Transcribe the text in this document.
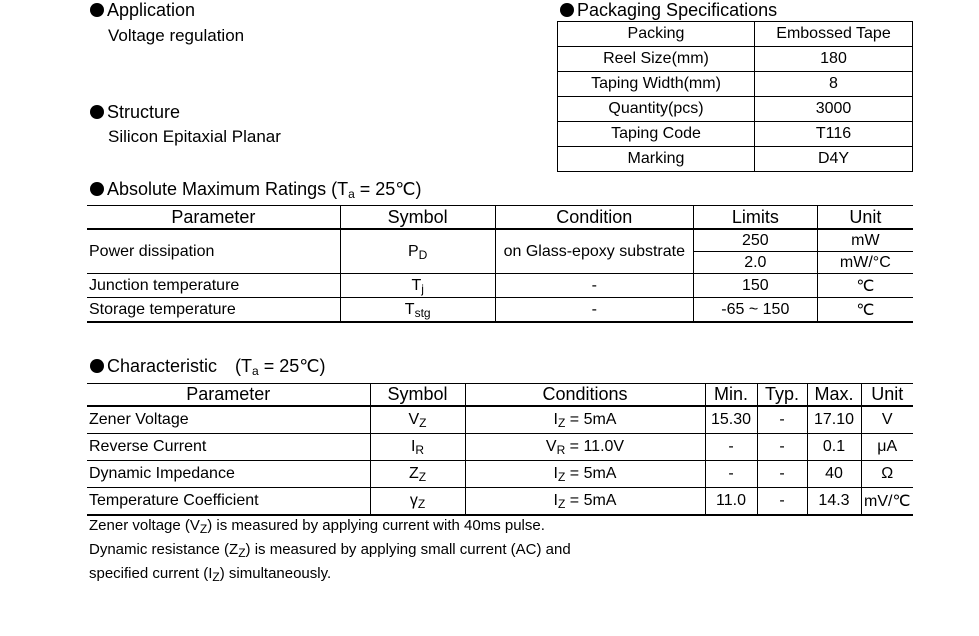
Application
Voltage regulation
Structure
Silicon Epitaxial Planar
Packaging Specifications
Packing	Embossed Tape
Reel Size(mm)	180
Taping Width(mm)	8
Quantity(pcs)	3000
Taping Code	T116
Marking	D4Y
Absolute Maximum Ratings ($T_a$ = 25℃)
Parameter	Symbol	Condition	Limits	Unit
Power dissipation	$P_D$	on Glass-epoxy substrate	250	mW
			2.0	mW/°C
Junction temperature	$T_j$	-	150	℃
Storage temperature	$T_{stg}$	-	-65 ~ 150	℃
Characteristic ($T_a$ = 25℃)
Parameter	Symbol	Conditions	Min.	Typ.	Max.	Unit
Zener Voltage	$V_Z$	$I_Z = 5mA$	15.30	-	17.10	V
Reverse Current	$I_R$	$V_R = 11.0V$	-	-	0.1	μA
Dynamic Impedance	$Z_Z$	$I_Z = 5mA$	-	-	40	Ω
Temperature Coefficient	$\gamma_Z$	$I_Z = 5mA$	11.0	-	14.3	mV/℃
Zener voltage $(V_Z)$ is measured by applying current with 40ms pulse.
Dynamic resistance $(Z_Z)$ is measured by applying small current (AC) and
specified current $(I_Z)$ simultaneously.
